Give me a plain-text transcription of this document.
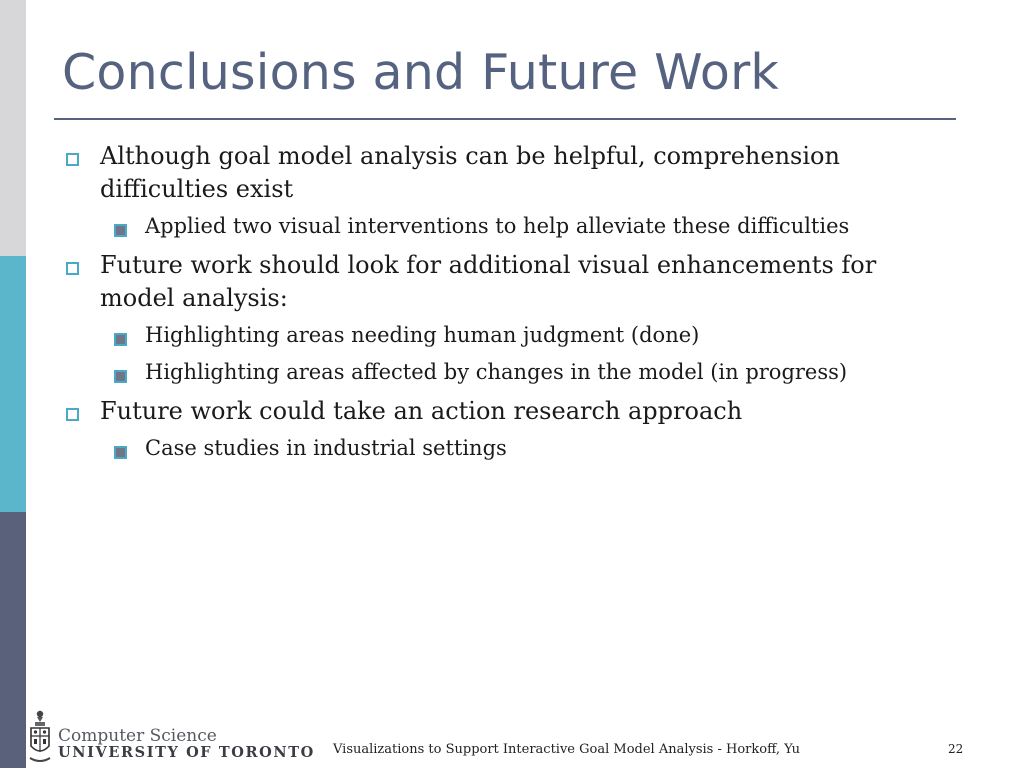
Conclusions and Future Work
Although goal model analysis can be helpful, comprehension difficulties exist
Applied two visual interventions to help alleviate these difficulties
Future work should look for additional visual enhancements for model analysis:
Highlighting areas needing human judgment (done)
Highlighting areas affected by changes in the model (in progress)
Future work could take an action research approach
Case studies in industrial settings
Computer Science
UNIVERSITY OF TORONTO Visualizations to Support Interactive Goal Model Analysis - Horkoff, Yu	22
